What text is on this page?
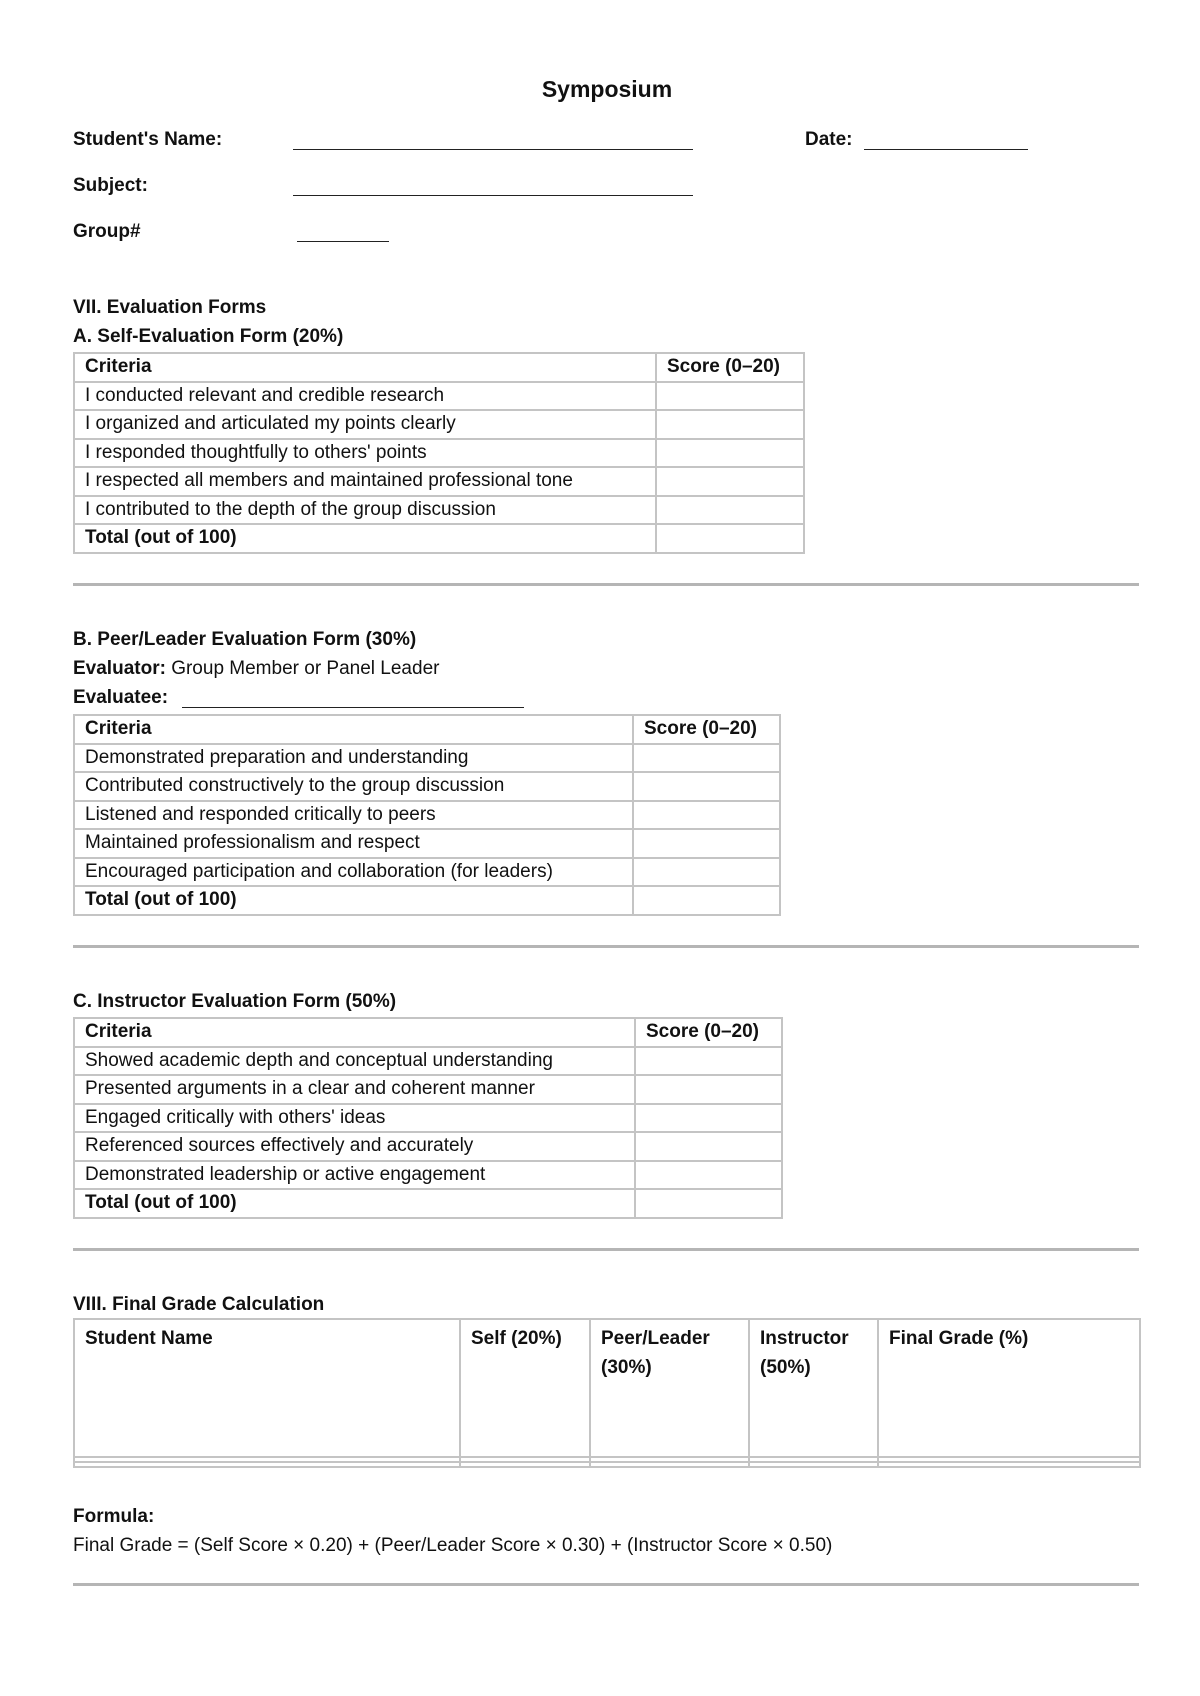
Symposium
Student's Name:	Date:
Subject:
Group#
VII. Evaluation Forms
A. Self-Evaluation Form (20%)
Criteria	Score (0–20)
I conducted relevant and credible research	
I organized and articulated my points clearly	
I responded thoughtfully to others' points	
I respected all members and maintained professional tone	
I contributed to the depth of the group discussion	
Total (out of 100)	
B. Peer/Leader Evaluation Form (30%)
Evaluator: Group Member or Panel Leader
Evaluatee:
Criteria	Score (0–20)
Demonstrated preparation and understanding	
Contributed constructively to the group discussion	
Listened and responded critically to peers	
Maintained professionalism and respect	
Encouraged participation and collaboration (for leaders)	
Total (out of 100)	
C. Instructor Evaluation Form (50%)
Criteria	Score (0–20)
Showed academic depth and conceptual understanding	
Presented arguments in a clear and coherent manner	
Engaged critically with others' ideas	
Referenced sources effectively and accurately	
Demonstrated leadership or active engagement	
Total (out of 100)	
VIII. Final Grade Calculation
Student Name	Self (20%)	Peer/Leader (30%)	Instructor (50%)	Final Grade (%)

Formula:
Final Grade = (Self Score × 0.20) + (Peer/Leader Score × 0.30) + (Instructor Score × 0.50)
